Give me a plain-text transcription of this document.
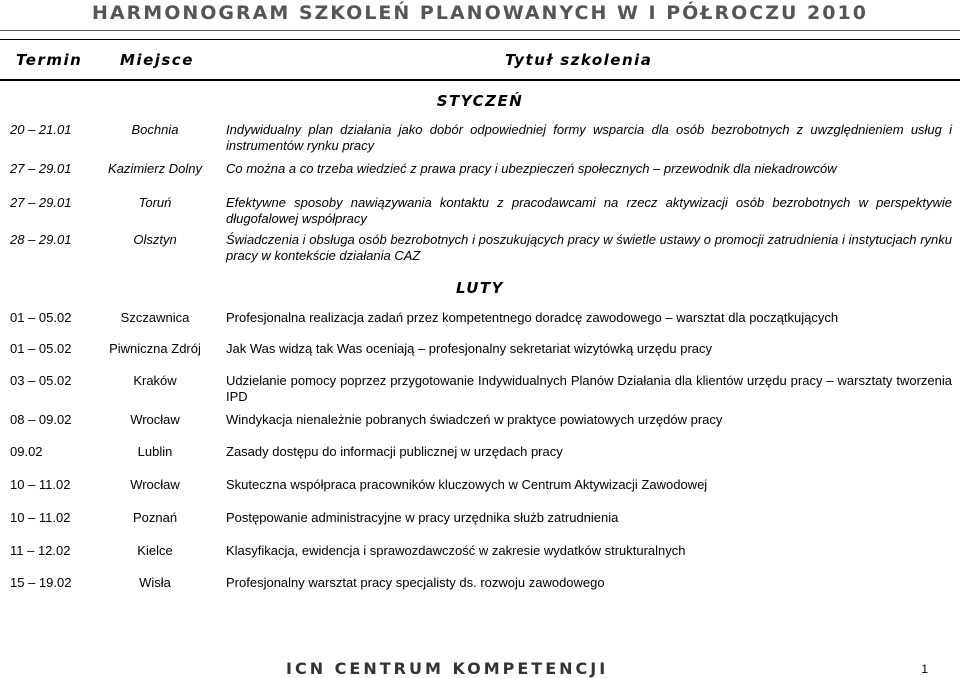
HARMONOGRAM SZKOLEŃ PLANOWANYCH W I PÓŁROCZU 2010
Termin	Miejsce	Tytuł szkolenia
STYCZEŃ
20 – 21.01	Bochnia	Indywidualny plan działania jako dobór odpowiedniej formy wsparcia dla osób bezrobotnych z uwzględnieniem usług i instrumentów rynku pracy
27 – 29.01	Kazimierz Dolny	Co można a co trzeba wiedzieć z prawa pracy i ubezpieczeń społecznych – przewodnik dla niekadrowców
27 – 29.01	Toruń	Efektywne sposoby nawiązywania kontaktu z pracodawcami na rzecz aktywizacji osób bezrobotnych w perspektywie długofalowej współpracy
28 – 29.01	Olsztyn	Świadczenia i obsługa osób bezrobotnych i poszukujących pracy w świetle ustawy o promocji zatrudnienia i instytucjach rynku pracy w kontekście działania CAZ
LUTY
01 – 05.02	Szczawnica	Profesjonalna realizacja zadań przez kompetentnego doradcę zawodowego – warsztat dla początkujących
01 – 05.02	Piwniczna Zdrój	Jak Was widzą tak Was oceniają – profesjonalny sekretariat wizytówką urzędu pracy
03 – 05.02	Kraków	Udzielanie pomocy poprzez przygotowanie Indywidualnych Planów Działania dla klientów urzędu pracy – warsztaty tworzenia IPD
08 – 09.02	Wrocław	Windykacja nienależnie pobranych świadczeń w praktyce powiatowych urzędów pracy
09.02	Lublin	Zasady dostępu do informacji publicznej w urzędach pracy
10 – 11.02	Wrocław	Skuteczna współpraca pracowników kluczowych w Centrum Aktywizacji Zawodowej
10 – 11.02	Poznań	Postępowanie administracyjne w pracy urzędnika służb zatrudnienia
11 – 12.02	Kielce	Klasyfikacja, ewidencja i sprawozdawczość w zakresie wydatków strukturalnych
15 – 19.02	Wisła	Profesjonalny warsztat pracy specjalisty ds. rozwoju zawodowego
ICN CENTRUM KOMPETENCJI	1
